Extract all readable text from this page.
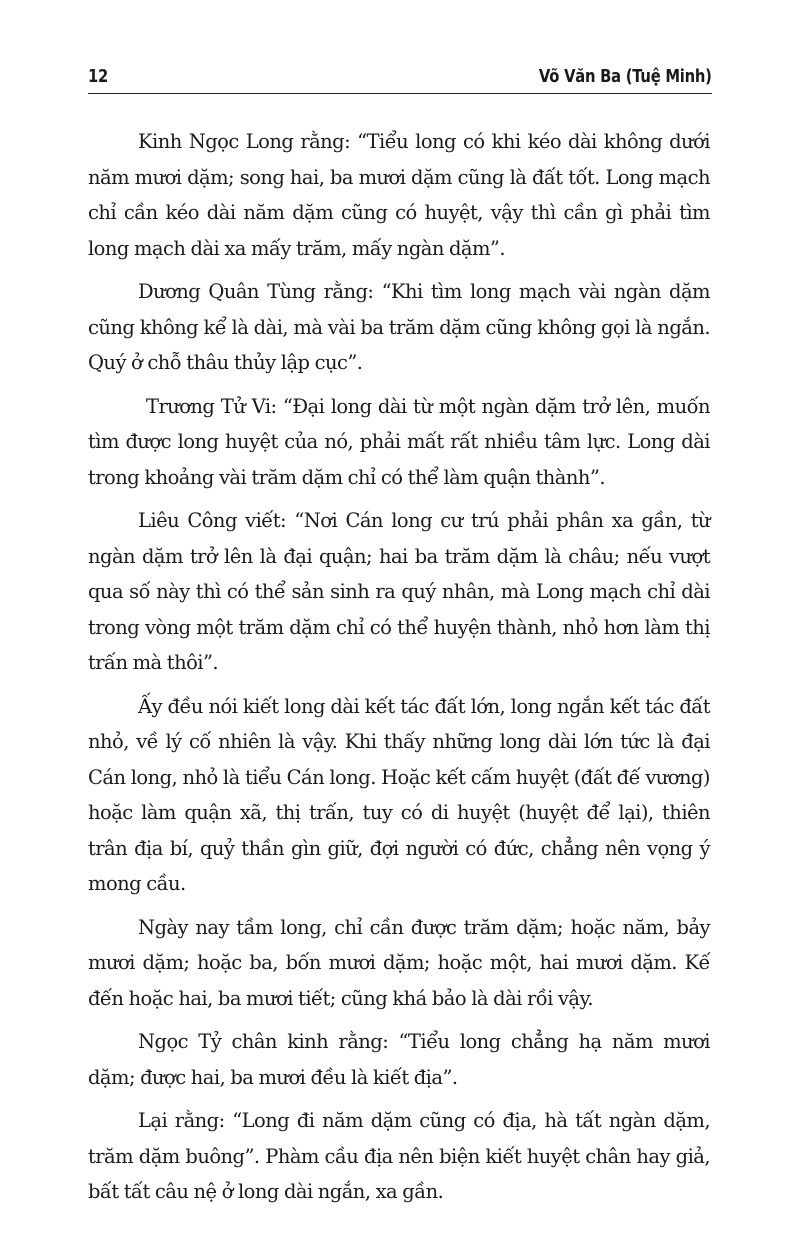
12	Võ Văn Ba (Tuệ Minh)

Kinh Ngọc Long rằng: “Tiểu long có khi kéo dài không dưới năm mươi dặm; song hai, ba mươi dặm cũng là đất tốt. Long mạch chỉ cần kéo dài năm dặm cũng có huyệt, vậy thì cần gì phải tìm long mạch dài xa mấy trăm, mấy ngàn dặm”.

Dương Quân Tùng rằng: “Khi tìm long mạch vài ngàn dặm cũng không kể là dài, mà vài ba trăm dặm cũng không gọi là ngắn. Quý ở chỗ thâu thủy lập cục”.

Trương Tử Vi: “Đại long dài từ một ngàn dặm trở lên, muốn tìm được long huyệt của nó, phải mất rất nhiều tâm lực. Long dài trong khoảng vài trăm dặm chỉ có thể làm quận thành”.

Liêu Công viết: “Nơi Cán long cư trú phải phân xa gần, từ ngàn dặm trở lên là đại quận; hai ba trăm dặm là châu; nếu vượt qua số này thì có thể sản sinh ra quý nhân, mà Long mạch chỉ dài trong vòng một trăm dặm chỉ có thể huyện thành, nhỏ hơn làm thị trấn mà thôi”.

Ấy đều nói kiết long dài kết tác đất lớn, long ngắn kết tác đất nhỏ, về lý cố nhiên là vậy. Khi thấy những long dài lớn tức là đại Cán long, nhỏ là tiểu Cán long. Hoặc kết cấm huyệt (đất đế vương) hoặc làm quận xã, thị trấn, tuy có di huyệt (huyệt để lại), thiên trân địa bí, quỷ thần gìn giữ, đợi người có đức, chẳng nên vọng ý mong cầu.

Ngày nay tầm long, chỉ cần được trăm dặm; hoặc năm, bảy mươi dặm; hoặc ba, bốn mươi dặm; hoặc một, hai mươi dặm. Kế đến hoặc hai, ba mươi tiết; cũng khá bảo là dài rồi vậy.

Ngọc Tỷ chân kinh rằng: “Tiểu long chẳng hạ năm mươi dặm; được hai, ba mươi đều là kiết địa”.

Lại rằng: “Long đi năm dặm cũng có địa, hà tất ngàn dặm, trăm dặm buông”. Phàm cầu địa nên biện kiết huyệt chân hay giả, bất tất câu nệ ở long dài ngắn, xa gần.
